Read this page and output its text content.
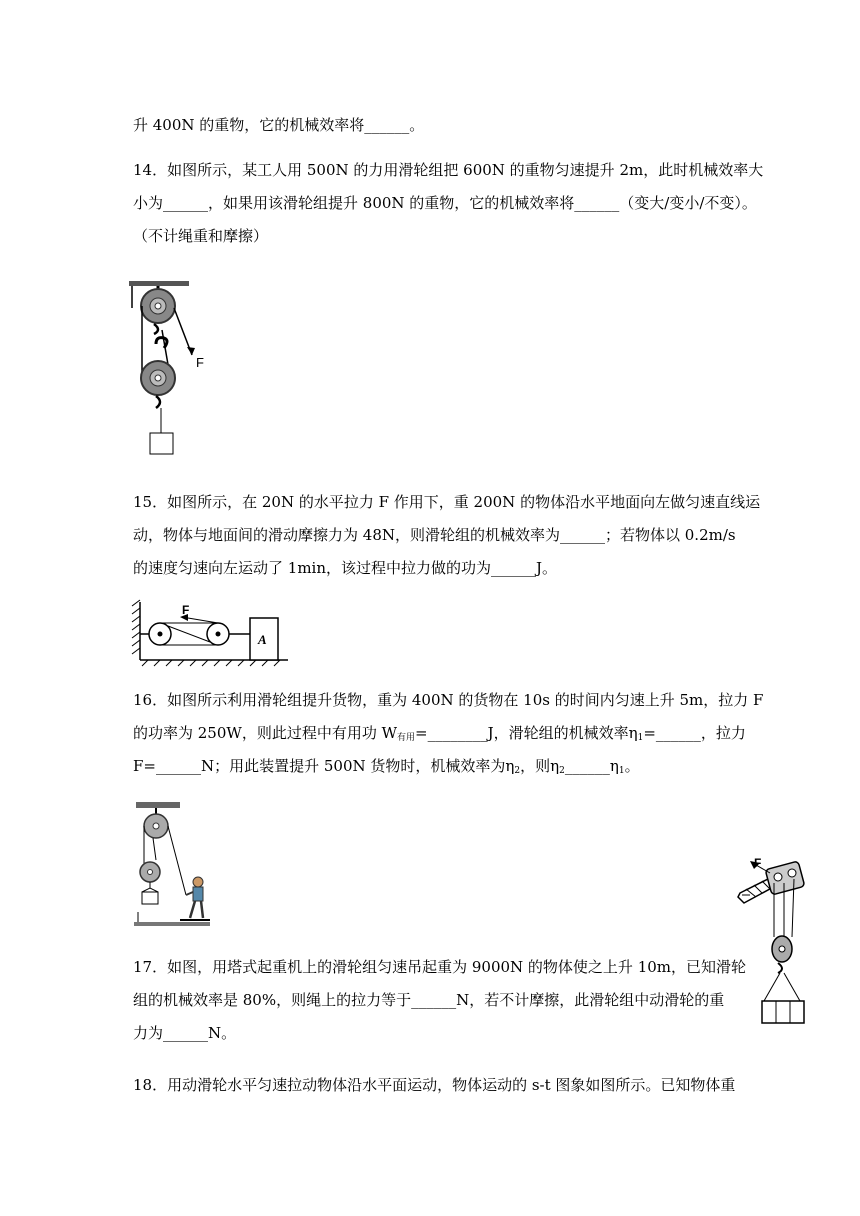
升 400N 的重物，它的机械效率将______。
14．如图所示，某工人用 500N 的力用滑轮组把 600N 的重物匀速提升 2m，此时机械效率大
小为______，如果用该滑轮组提升 800N 的重物，它的机械效率将______（变大/变小/不变）。
（不计绳重和摩擦）
F
15．如图所示，在 20N 的水平拉力 F 作用下，重 200N 的物体沿水平地面向左做匀速直线运
动，物体与地面间的滑动摩擦力为 48N，则滑轮组的机械效率为______；若物体以 0.2m/s
的速度匀速向左运动了 1min，该过程中拉力做的功为______J。
F
A
16．如图所示利用滑轮组提升货物，重为 400N 的货物在 10s 的时间内匀速上升 5m，拉力 F
的功率为 250W，则此过程中有用功 $W_{有用}=\_\_\_\_\_\_\_\_J$，滑轮组的机械效率$\eta_1=\_\_\_\_\_\_$，拉力
F=______N；用此装置提升 500N 货物时，机械效率为$\eta_2$，则$\eta_2\_\_\_\_\_\_\eta_1$。
F
17．如图，用塔式起重机上的滑轮组匀速吊起重为 9000N 的物体使之上升 10m，已知滑轮
组的机械效率是 80%，则绳上的拉力等于______N，若不计摩擦，此滑轮组中动滑轮的重
力为______N。
18．用动滑轮水平匀速拉动物体沿水平面运动，物体运动的 s-t 图象如图所示。已知物体重
